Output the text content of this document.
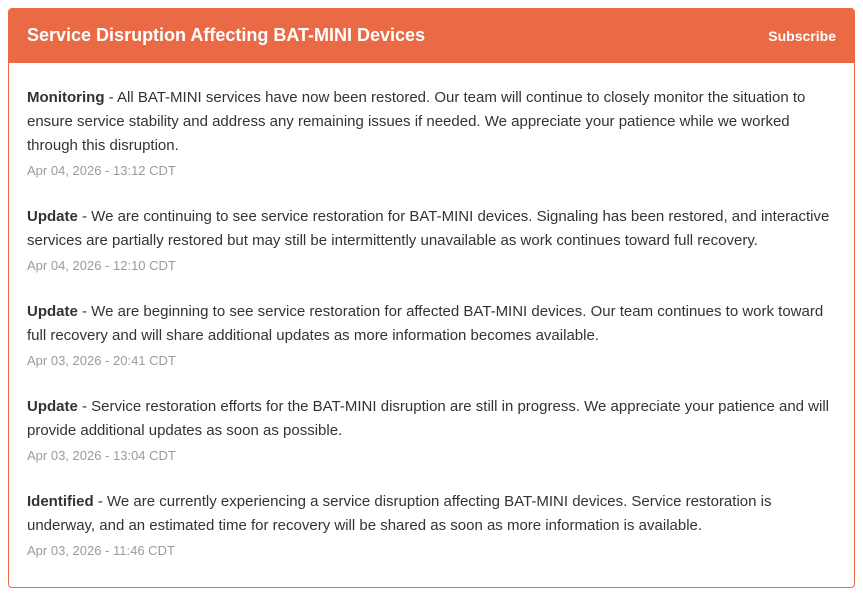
Service Disruption Affecting BAT-MINI Devices	Subscribe

Monitoring - All BAT-MINI services have now been restored. Our team will continue to closely monitor the situation to ensure service stability and address any remaining issues if needed. We appreciate your patience while we worked through this disruption.

Apr 04, 2026 - 13:12 CDT

Update - We are continuing to see service restoration for BAT-MINI devices. Signaling has been restored, and interactive services are partially restored but may still be intermittently unavailable as work continues toward full recovery.

Apr 04, 2026 - 12:10 CDT

Update - We are beginning to see service restoration for affected BAT-MINI devices. Our team continues to work toward full recovery and will share additional updates as more information becomes available.

Apr 03, 2026 - 20:41 CDT

Update - Service restoration efforts for the BAT-MINI disruption are still in progress. We appreciate your patience and will provide additional updates as soon as possible.

Apr 03, 2026 - 13:04 CDT

Identified - We are currently experiencing a service disruption affecting BAT-MINI devices. Service restoration is underway, and an estimated time for recovery will be shared as soon as more information is available.

Apr 03, 2026 - 11:46 CDT
